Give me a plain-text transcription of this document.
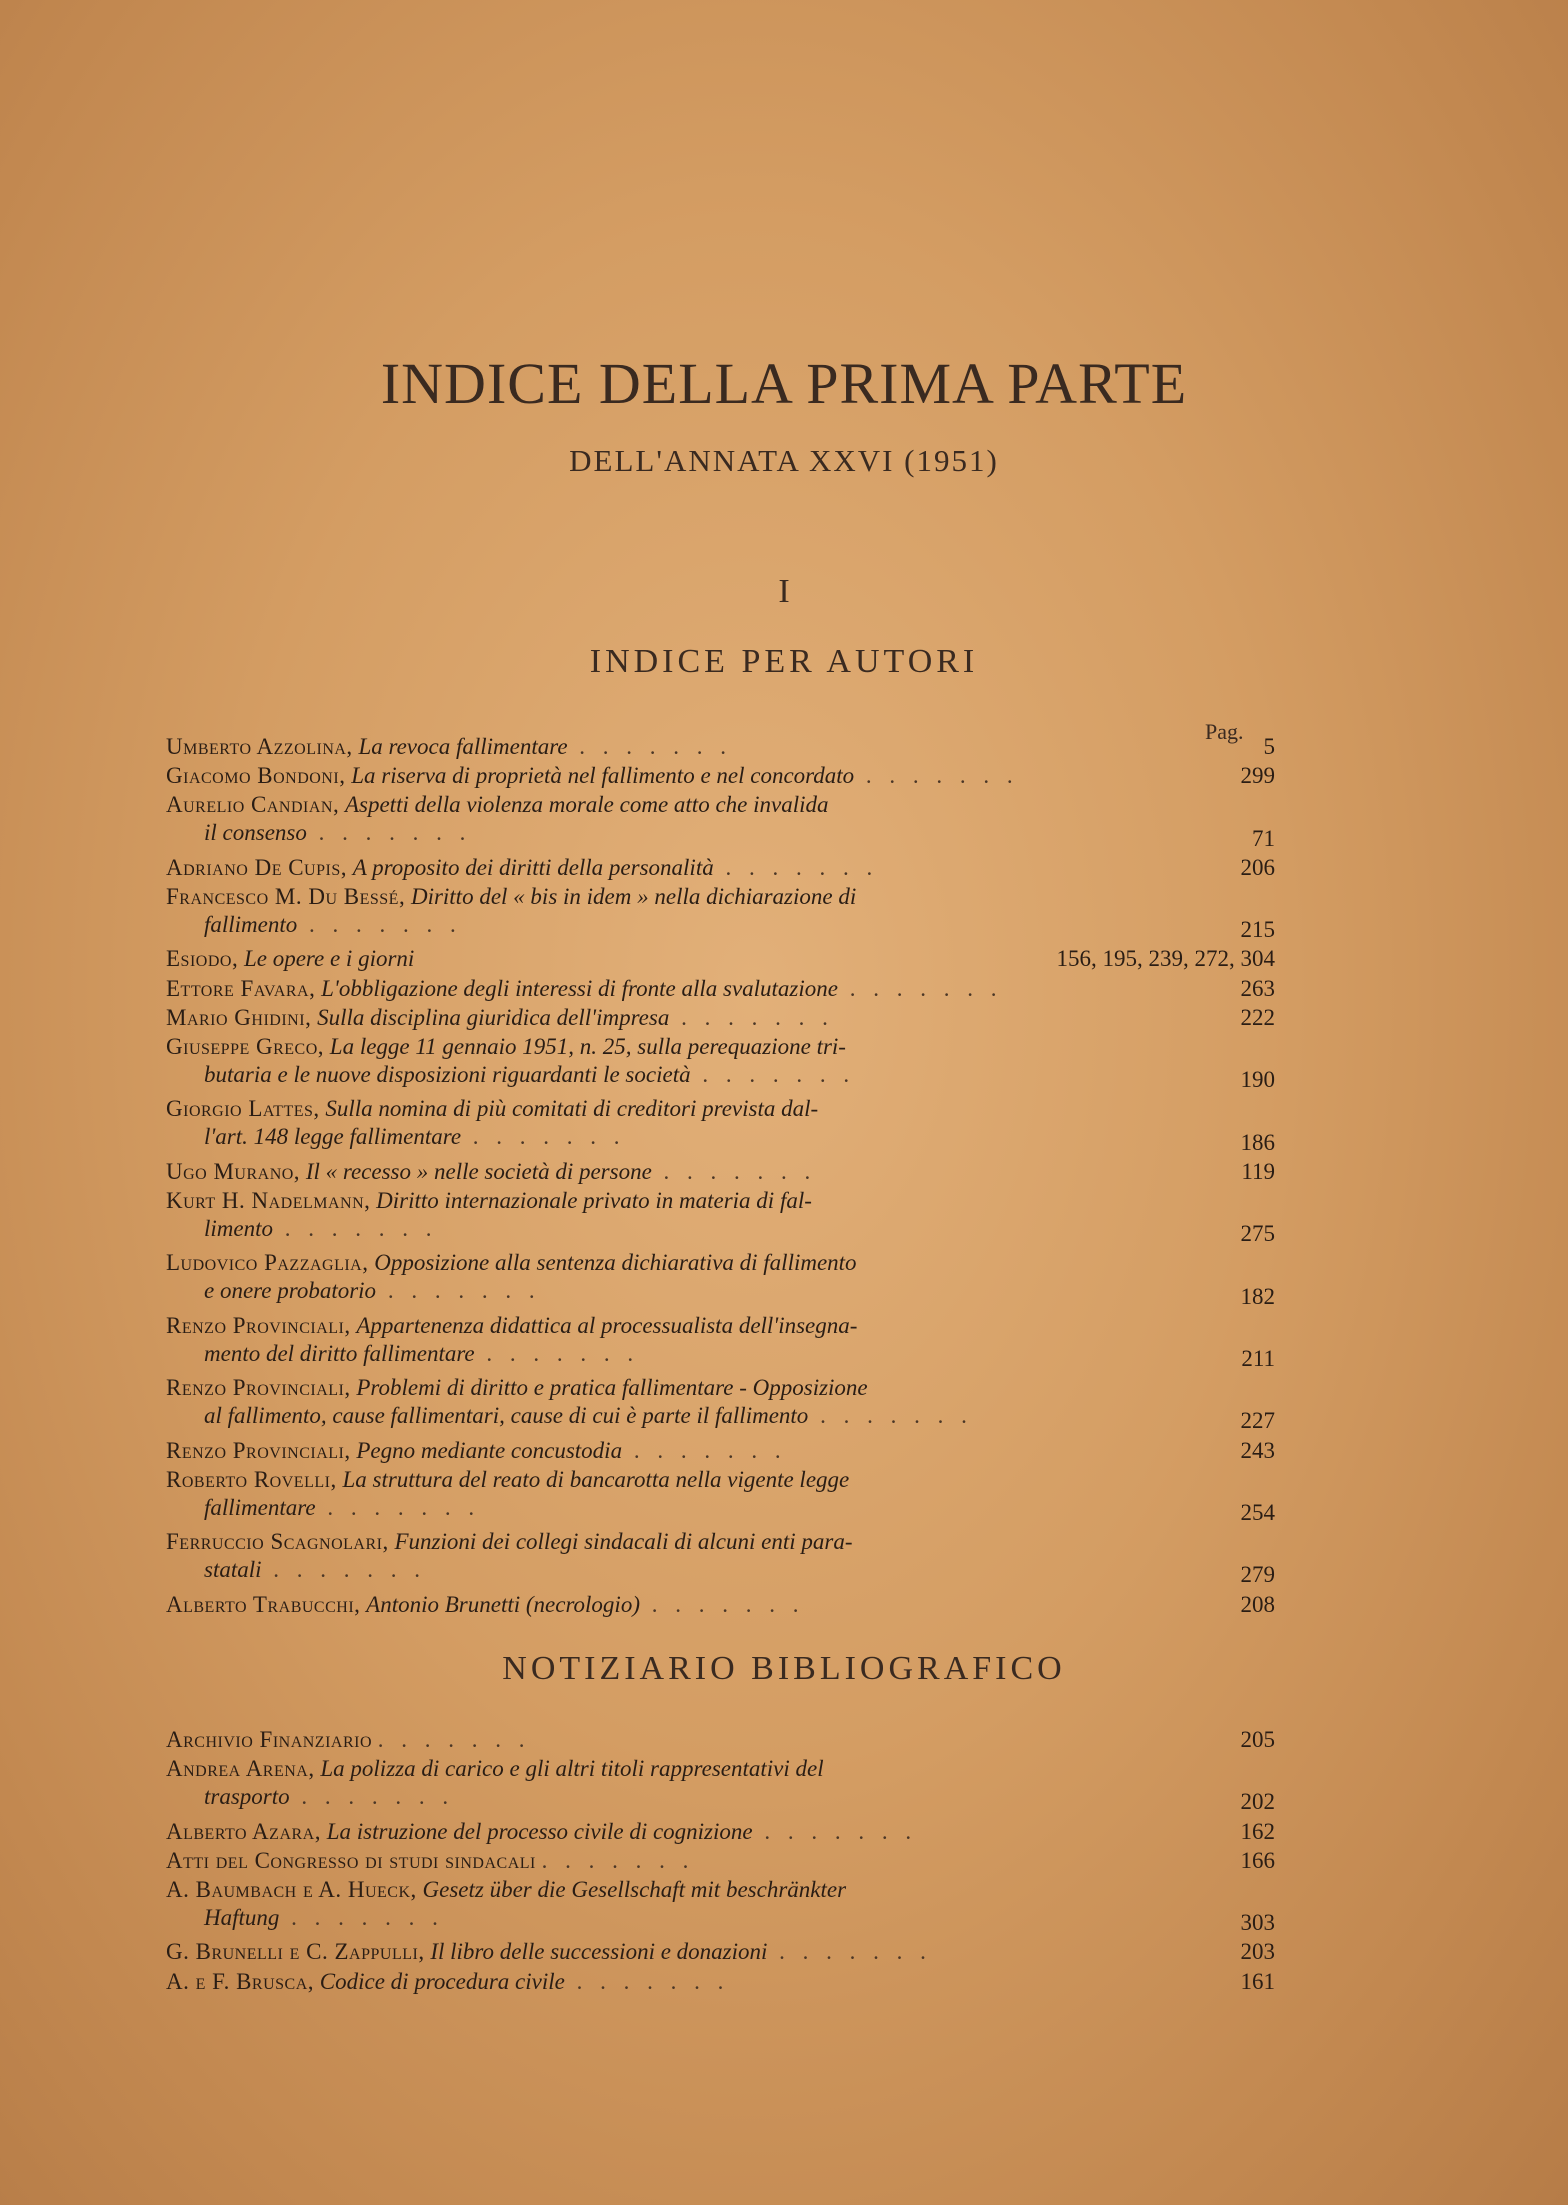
INDICE DELLA PRIMA PARTE
DELL'ANNATA XXVI (1951)
I
INDICE PER AUTORI
Pag.
Umberto Azzolina, La revoca fallimentare . . . . . . .	5
Giacomo Bondoni, La riserva di proprietà nel fallimento e nel concordato . . . . . . .	299
Aurelio Candian, Aspetti della violenza morale come atto che invalida
il consenso . . . . . . .	71
Adriano De Cupis, A proposito dei diritti della personalità . . . . . . .	206
Francesco M. Du Bessé, Diritto del « bis in idem » nella dichiarazione di
fallimento . . . . . . .	215
Esiodo, Le opere e i giorni	156, 195, 239, 272, 304
Ettore Favara, L'obbligazione degli interessi di fronte alla svalutazione . . . . . . .	263
Mario Ghidini, Sulla disciplina giuridica dell'impresa . . . . . . .	222
Giuseppe Greco, La legge 11 gennaio 1951, n. 25, sulla perequazione tri-
butaria e le nuove disposizioni riguardanti le società . . . . . . .	190
Giorgio Lattes, Sulla nomina di più comitati di creditori prevista dal-
l'art. 148 legge fallimentare . . . . . . .	186
Ugo Murano, Il « recesso » nelle società di persone . . . . . . .	119
Kurt H. Nadelmann, Diritto internazionale privato in materia di fal-
limento . . . . . . .	275
Ludovico Pazzaglia, Opposizione alla sentenza dichiarativa di fallimento
e onere probatorio . . . . . . .	182
Renzo Provinciali, Appartenenza didattica al processualista dell'insegna-
mento del diritto fallimentare . . . . . . .	211
Renzo Provinciali, Problemi di diritto e pratica fallimentare - Opposizione
al fallimento, cause fallimentari, cause di cui è parte il fallimento . . . . . . .	227
Renzo Provinciali, Pegno mediante concustodia . . . . . . .	243
Roberto Rovelli, La struttura del reato di bancarotta nella vigente legge
fallimentare . . . . . . .	254
Ferruccio Scagnolari, Funzioni dei collegi sindacali di alcuni enti para-
statali . . . . . . .	279
Alberto Trabucchi, Antonio Brunetti (necrologio) . . . . . . .	208
NOTIZIARIO BIBLIOGRAFICO
Archivio Finanziario . . . . . . .	205
Andrea Arena, La polizza di carico e gli altri titoli rappresentativi del
trasporto . . . . . . .	202
Alberto Azara, La istruzione del processo civile di cognizione . . . . . . .	162
Atti del Congresso di studi sindacali . . . . . . .	166
A. Baumbach e A. Hueck, Gesetz über die Gesellschaft mit beschränkter
Haftung . . . . . . .	303
G. Brunelli e C. Zappulli, Il libro delle successioni e donazioni . . . . . . .	203
A. e F. Brusca, Codice di procedura civile . . . . . . .	161
